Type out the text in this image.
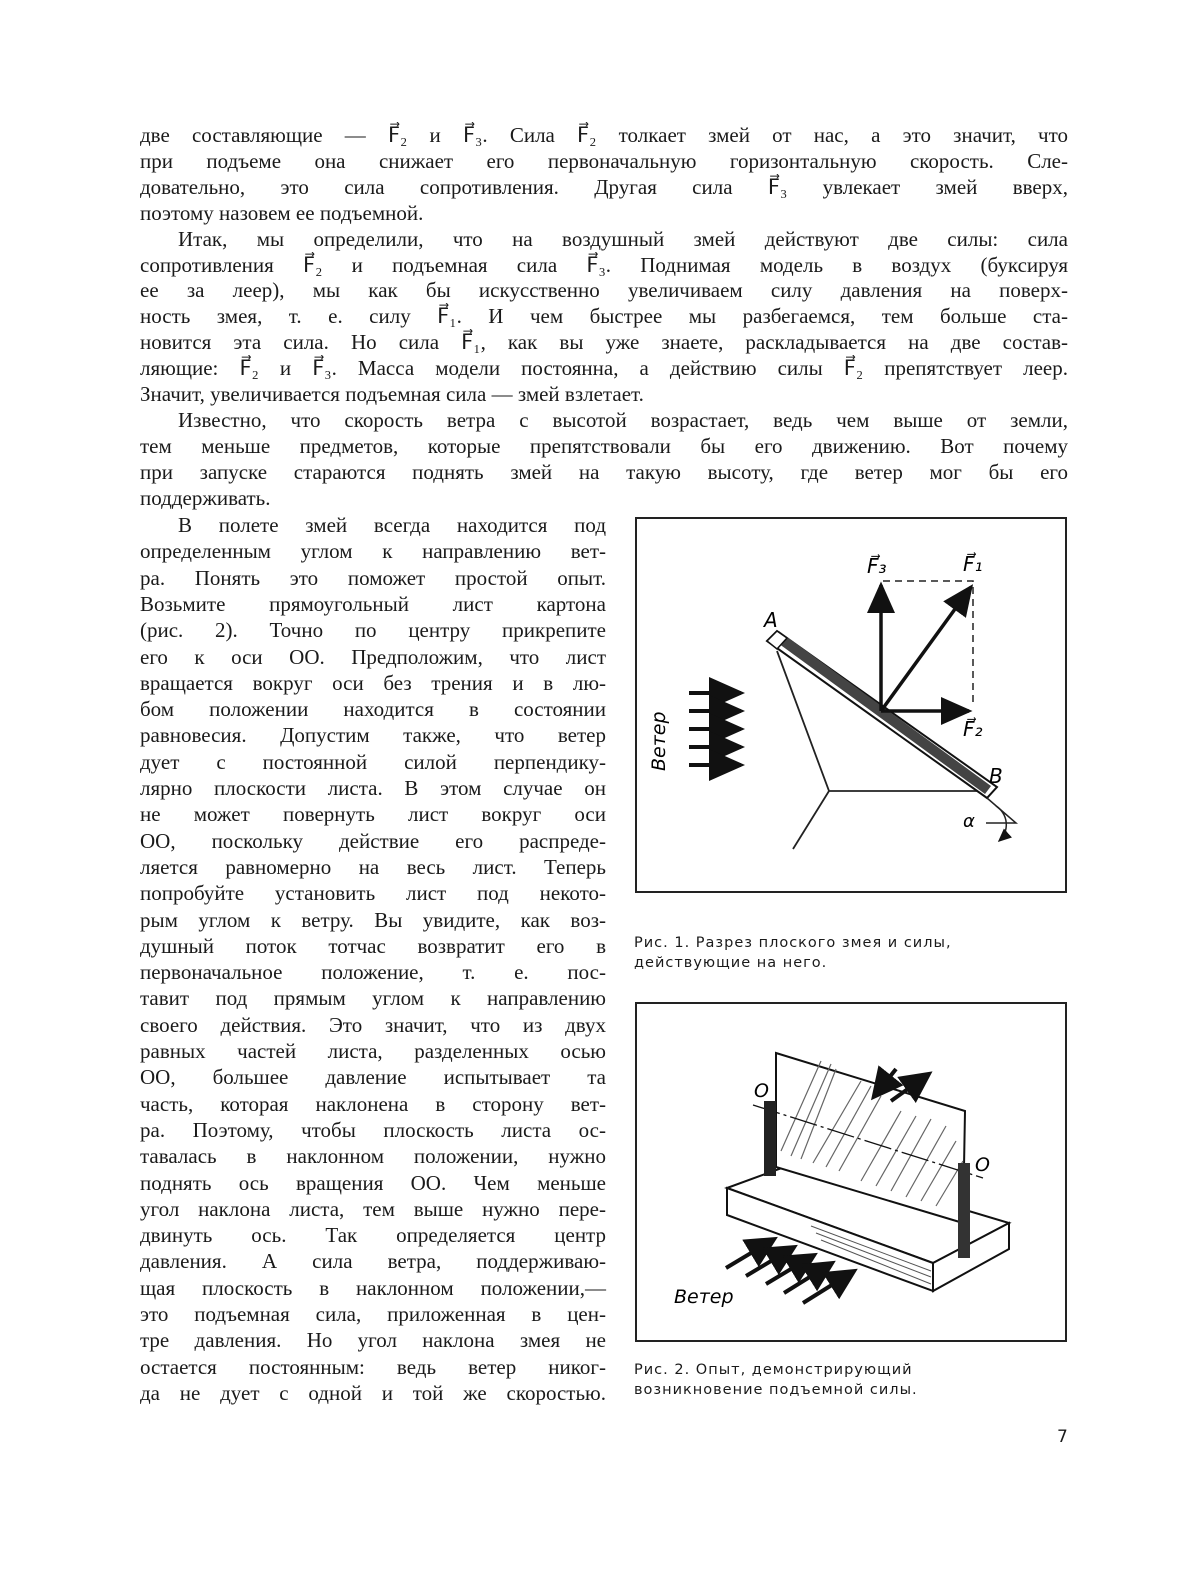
две составляющие — F⃗₂ и F⃗₃. Сила F⃗₂ толкает змей от нас, а это значит, что
при подъеме она снижает его первоначальную горизонтальную скорость. Сле-
довательно, это сила сопротивления. Другая сила F⃗₃ увлекает змей вверх,
поэтому назовем ее подъемной.
Итак, мы определили, что на воздушный змей действуют две силы: сила
сопротивления F⃗₂ и подъемная сила F⃗₃. Поднимая модель в воздух (буксируя
ее за леер), мы как бы искусственно увеличиваем силу давления на поверх-
ность змея, т. е. силу F⃗₁. И чем быстрее мы разбегаемся, тем больше ста-
новится эта сила. Но сила F⃗₁, как вы уже знаете, раскладывается на две состав-
ляющие: F⃗₂ и F⃗₃. Масса модели постоянна, а действию силы F⃗₂ препятствует леер.
Значит, увеличивается подъемная сила — змей взлетает.
Известно, что скорость ветра с высотой возрастает, ведь чем выше от земли,
тем меньше предметов, которые препятствовали бы его движению. Вот почему
при запуске стараются поднять змей на такую высоту, где ветер мог бы его
поддерживать.
В полете змей всегда находится под
определенным углом к направлению вет-
ра. Понять это поможет простой опыт.
Возьмите прямоугольный лист картона
(рис. 2). Точно по центру прикрепите
его к оси ОО. Предположим, что лист
вращается вокруг оси без трения и в лю-
бом положении находится в состоянии
равновесия. Допустим также, что ветер
дует с постоянной силой перпендику-
лярно плоскости листа. В этом случае он
не может повернуть лист вокруг оси
ОО, поскольку действие его распреде-
ляется равномерно на весь лист. Теперь
попробуйте установить лист под некото-
рым углом к ветру. Вы увидите, как воз-
душный поток тотчас возвратит его в
первоначальное положение, т. е. пос-
тавит под прямым углом к направлению
своего действия. Это значит, что из двух
равных частей листа, разделенных осью
ОО, большее давление испытывает та
часть, которая наклонена в сторону вет-
ра. Поэтому, чтобы плоскость листа ос-
тавалась в наклонном положении, нужно
поднять ось вращения ОО. Чем меньше
угол наклона листа, тем выше нужно пере-
двинуть ось. Так определяется центр
давления. А сила ветра, поддерживаю-
щая плоскость в наклонном положении,—
это подъемная сила, приложенная в цен-
тре давления. Но угол наклона змея не
остается постоянным: ведь ветер никог-
да не дует с одной и той же скоростью.
A
B
F⃗₁
F⃗₂
F⃗₃
α
Ветер
Рис. 1. Разрез плоского змея и силы,
действующие на него.
O
O
Ветер
Рис. 2. Опыт, демонстрирующий
возникновение подъемной силы.
7
